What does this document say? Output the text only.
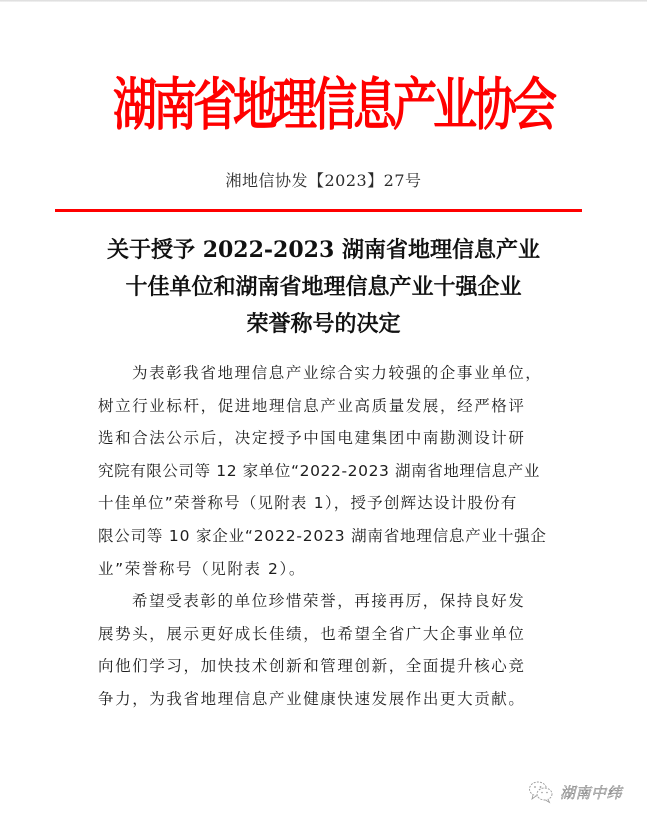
湖
南
省
地
理
信
息
产
业
协
会
湘地信协发【2023】27号
关于授予 2022-2023 湖南省地理信息产业
十佳单位和湖南省地理信息产业十强企业
荣誉称号的决定
为表彰我省地理信息产业综合实力较强的企事业单位，
树立行业标杆，促进地理信息产业高质量发展，经严格评
选和合法公示后，决定授予中国电建集团中南勘测设计研
究院有限公司等 12 家单位“2022-2023 湖南省地理信息产业
十佳单位”荣誉称号（见附表 1），授予创辉达设计股份有
限公司等 10 家企业“2022-2023 湖南省地理信息产业十强企
业”荣誉称号（见附表 2）。
希望受表彰的单位珍惜荣誉，再接再厉，保持良好发
展势头，展示更好成长佳绩，也希望全省广大企事业单位
向他们学习，加快技术创新和管理创新，全面提升核心竞
争力，为我省地理信息产业健康快速发展作出更大贡献。
湖南中纬
